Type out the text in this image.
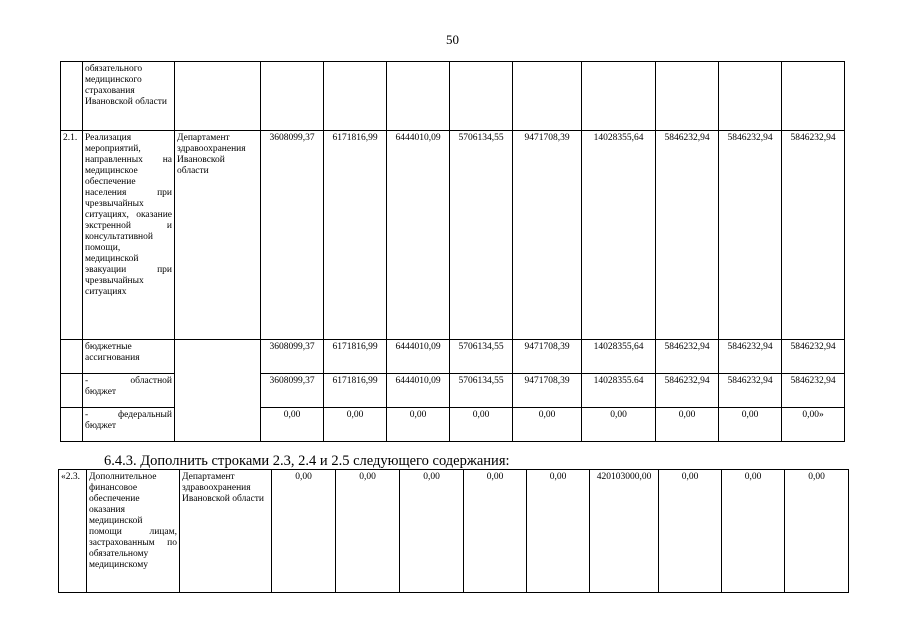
50
	обязательного медицинского страхования Ивановской области										
2.1.	Реализация мероприятий, направленных на медицинское обеспечение населения при чрезвычайных ситуациях, оказание экстренной и консультативной помощи, медицинской эвакуации при чрезвычайных ситуациях	Департамент здравоохранения Ивановской области	3608099,37	6171816,99	6444010,09	5706134,55	9471708,39	14028355,64	5846232,94	5846232,94	5846232,94
	бюджетные ассигнования		3608099,37	6171816,99	6444010,09	5706134,55	9471708,39	14028355,64	5846232,94	5846232,94	5846232,94

	- областной
бюджет		3608099,37	6171816,99	6444010,09	5706134,55	9471708,39	14028355.64	5846232,94	5846232,94	5846232,94

	- федеральный
бюджет		0,00	0,00	0,00	0,00	0,00	0,00	0,00	0,00	0,00»
6.4.3. Дополнить строками 2.3, 2.4 и 2.5 следующего содержания:
«2.3.	Дополнительное финансовое обеспечение оказания медицинской помощи лицам, застрахованным по обязательному медицинскому	Департамент здравоохранения Ивановской области	0,00	0,00	0,00	0,00	0,00	420103000,00	0,00	0,00	0,00
